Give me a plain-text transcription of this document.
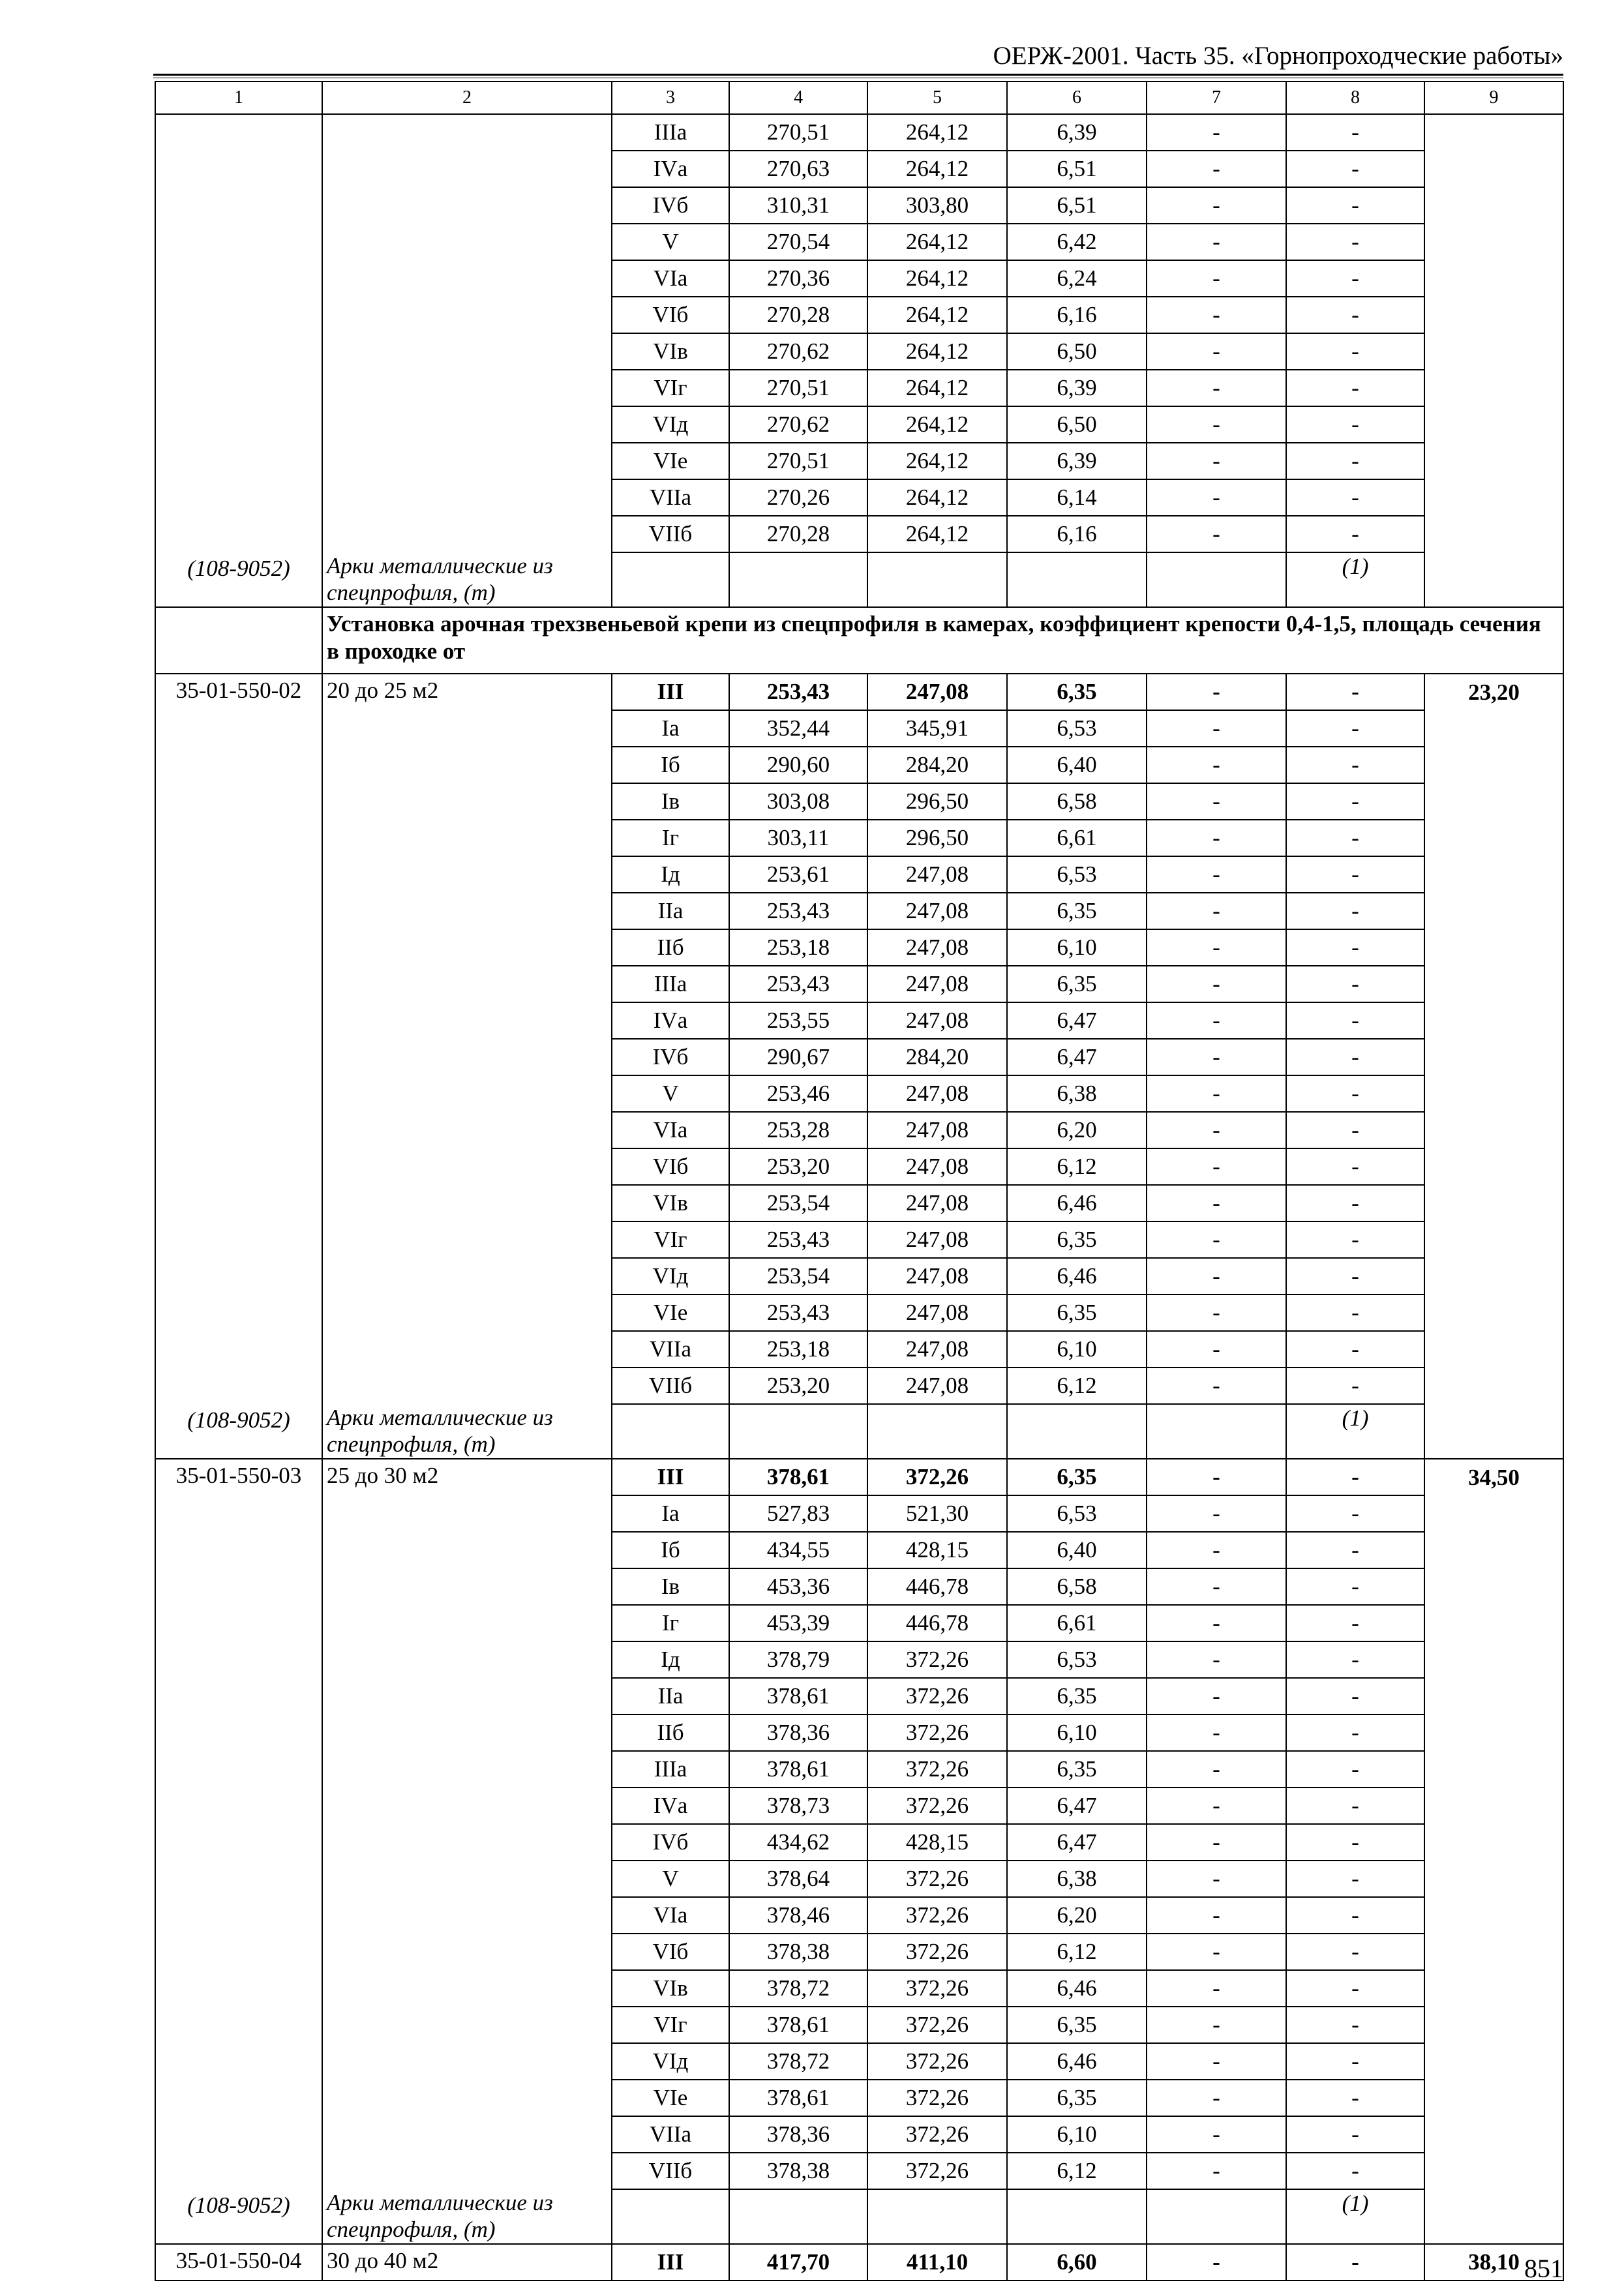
ОЕРЖ-2001. Часть 35. «Горнопроходческие работы»
1	2	3	4	5	6	7	8	9
		IIIа	270,51	264,12	6,39	-	-	
		IVа	270,63	264,12	6,51	-	-	
		IVб	310,31	303,80	6,51	-	-	
		V	270,54	264,12	6,42	-	-	
		VIа	270,36	264,12	6,24	-	-	
		VIб	270,28	264,12	6,16	-	-	
		VIв	270,62	264,12	6,50	-	-	
		VIг	270,51	264,12	6,39	-	-	
		VIд	270,62	264,12	6,50	-	-	
		VIе	270,51	264,12	6,39	-	-	
		VIIа	270,26	264,12	6,14	-	-	
		VIIб	270,28	264,12	6,16	-	-	
(108-9052)	Арки металлические из спецпрофиля, (т)						(1)	
	Установка арочная трехзвеньевой крепи из спецпрофиля в камерах, коэффициент крепости 0,4-1,5, площадь сечения в проходке от							
35-01-550-02	20 до 25 м2	III	253,43	247,08	6,35	-	-	23,20
		Iа	352,44	345,91	6,53	-	-	
		Iб	290,60	284,20	6,40	-	-	
		Iв	303,08	296,50	6,58	-	-	
		Iг	303,11	296,50	6,61	-	-	
		Iд	253,61	247,08	6,53	-	-	
		IIа	253,43	247,08	6,35	-	-	
		IIб	253,18	247,08	6,10	-	-	
		IIIа	253,43	247,08	6,35	-	-	
		IVа	253,55	247,08	6,47	-	-	
		IVб	290,67	284,20	6,47	-	-	
		V	253,46	247,08	6,38	-	-	
		VIа	253,28	247,08	6,20	-	-	
		VIб	253,20	247,08	6,12	-	-	
		VIв	253,54	247,08	6,46	-	-	
		VIг	253,43	247,08	6,35	-	-	
		VIд	253,54	247,08	6,46	-	-	
		VIе	253,43	247,08	6,35	-	-	
		VIIа	253,18	247,08	6,10	-	-	
		VIIб	253,20	247,08	6,12	-	-	
(108-9052)	Арки металлические из спецпрофиля, (т)						(1)	
35-01-550-03	25 до 30 м2	III	378,61	372,26	6,35	-	-	34,50
		Iа	527,83	521,30	6,53	-	-	
		Iб	434,55	428,15	6,40	-	-	
		Iв	453,36	446,78	6,58	-	-	
		Iг	453,39	446,78	6,61	-	-	
		Iд	378,79	372,26	6,53	-	-	
		IIа	378,61	372,26	6,35	-	-	
		IIб	378,36	372,26	6,10	-	-	
		IIIа	378,61	372,26	6,35	-	-	
		IVа	378,73	372,26	6,47	-	-	
		IVб	434,62	428,15	6,47	-	-	
		V	378,64	372,26	6,38	-	-	
		VIа	378,46	372,26	6,20	-	-	
		VIб	378,38	372,26	6,12	-	-	
		VIв	378,72	372,26	6,46	-	-	
		VIг	378,61	372,26	6,35	-	-	
		VIд	378,72	372,26	6,46	-	-	
		VIе	378,61	372,26	6,35	-	-	
		VIIа	378,36	372,26	6,10	-	-	
		VIIб	378,38	372,26	6,12	-	-	
(108-9052)	Арки металлические из спецпрофиля, (т)						(1)	
35-01-550-04	30 до 40 м2	III	417,70	411,10	6,60	-	-	38,10 851
